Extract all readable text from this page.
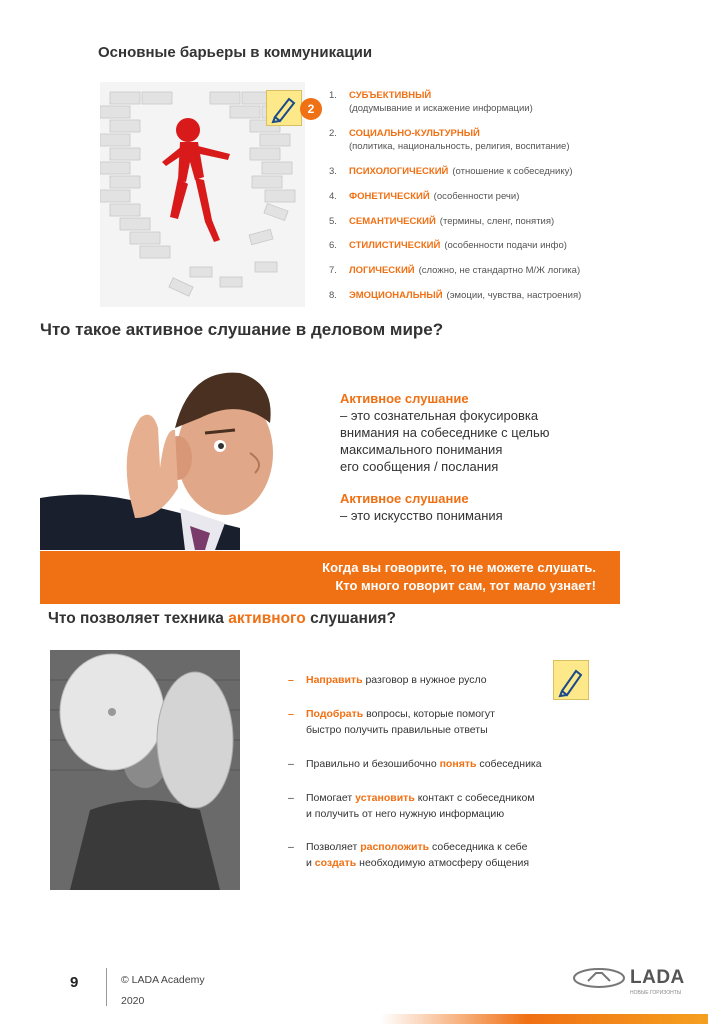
Основные барьеры в коммуникации
2
1. СУБЪЕКТИВНЫЙ
(додумывание и искажение информации)
2. СОЦИАЛЬНО-КУЛЬТУРНЫЙ
(политика, национальность, религия, воспитание)
3. ПСИХОЛОГИЧЕСКИЙ (отношение к собеседнику)
4. ФОНЕТИЧЕСКИЙ (особенности речи)
5. СЕМАНТИЧЕСКИЙ (термины, сленг, понятия)
6. СТИЛИСТИЧЕСКИЙ (особенности подачи инфо)
7. ЛОГИЧЕСКИЙ (сложно, не стандартно М/Ж логика)
8. ЭМОЦИОНАЛЬНЫЙ (эмоции, чувства, настроения)
Что такое активное слушание в деловом мире?
Активное слушание
– это сознательная фокусировка
внимания на собеседнике с целью
максимального понимания
его сообщения / послания
Активное слушание
– это искусство понимания
Когда вы говорите, то не можете слушать.
Кто много говорит сам, тот мало узнает!
Что позволяет техника активного слушания?
– Направить разговор в нужное русло
– Подобрать вопросы, которые помогут
быстро получить правильные ответы
– Правильно и безошибочно понять собеседника
– Помогает установить контакт с собеседником
и получить от него нужную информацию
– Позволяет расположить собеседника к себе
и создать необходимую атмосферу общения
9	© LADA Academy
2020
LADA
НОВЫЕ ГОРИЗОНТЫ
